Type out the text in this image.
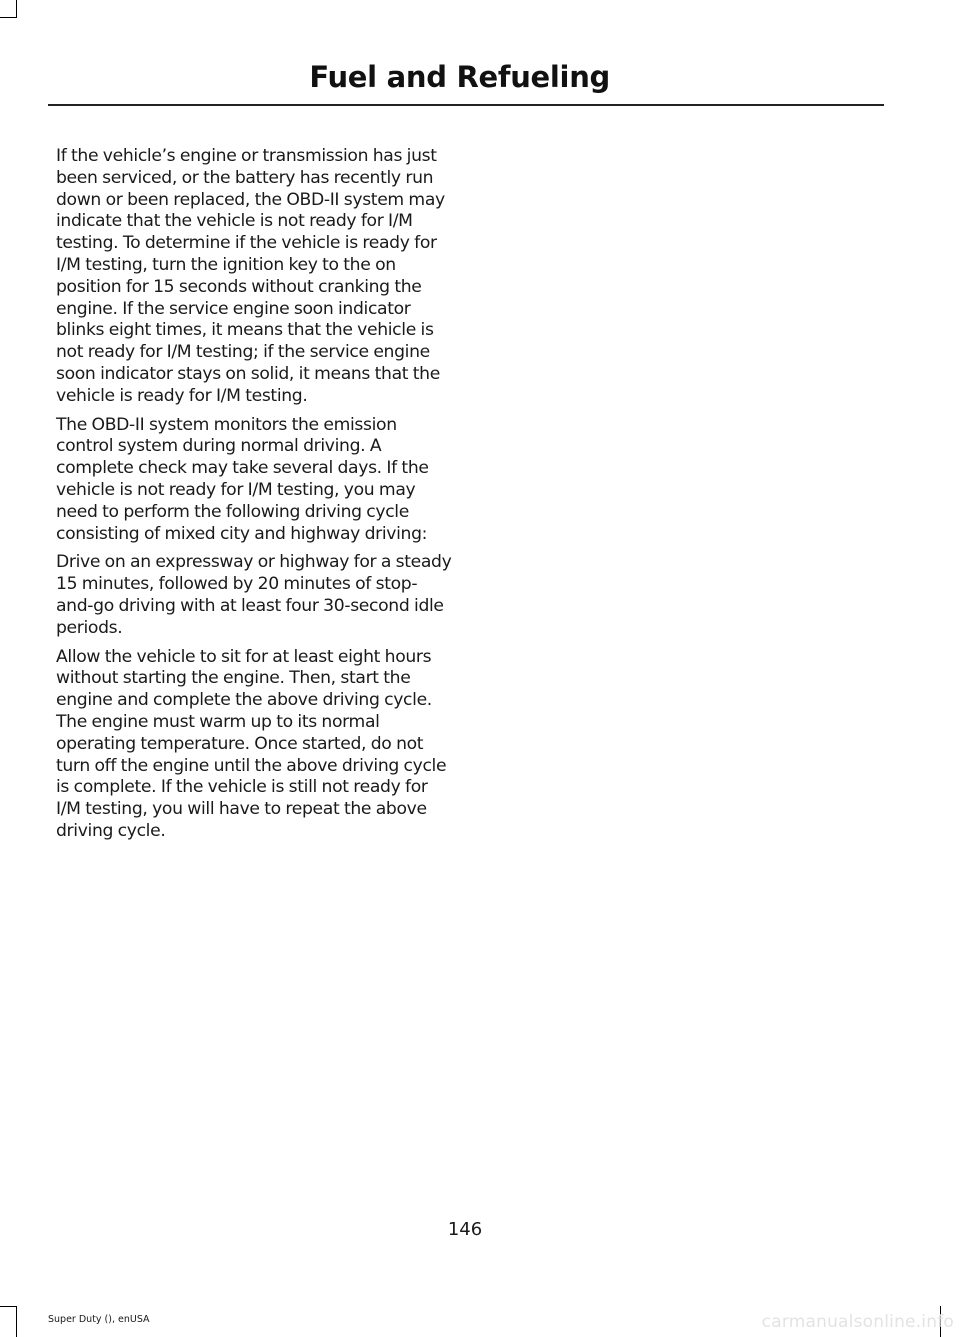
Fuel and Refueling

If the vehicle’s engine or transmission has just been serviced, or the battery has recently run down or been replaced, the OBD-II system may indicate that the vehicle is not ready for I/M testing. To determine if the vehicle is ready for I/M testing, turn the ignition key to the on position for 15 seconds without cranking the engine. If the service engine soon indicator blinks eight times, it means that the vehicle is not ready for I/M testing; if the service engine soon indicator stays on solid, it means that the vehicle is ready for I/M testing.

The OBD-II system monitors the emission control system during normal driving. A complete check may take several days. If the vehicle is not ready for I/M testing, you may need to perform the following driving cycle consisting of mixed city and highway driving:

Drive on an expressway or highway for a steady 15 minutes, followed by 20 minutes of stop-and-go driving with at least four 30-second idle periods.

Allow the vehicle to sit for at least eight hours without starting the engine. Then, start the engine and complete the above driving cycle. The engine must warm up to its normal operating temperature. Once started, do not turn off the engine until the above driving cycle is complete. If the vehicle is still not ready for I/M testing, you will have to repeat the above driving cycle.

146
Super Duty (), enUSA	carmanualsonline.info
